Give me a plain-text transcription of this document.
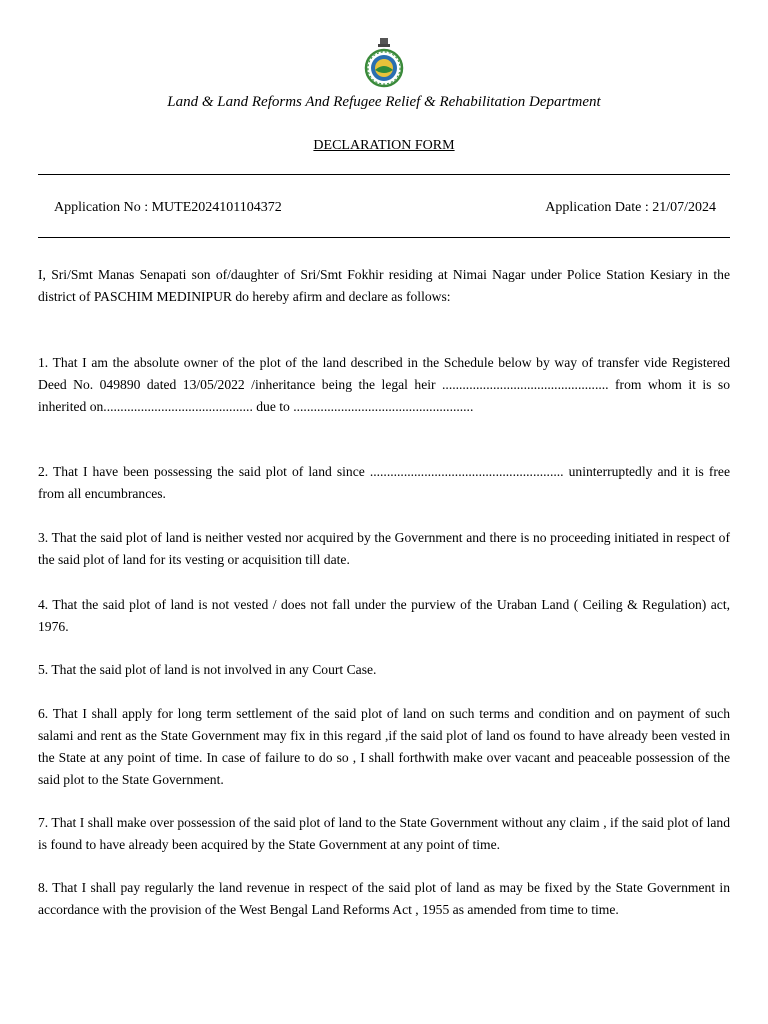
Land & Land Reforms And Refugee Relief & Rehabilitation Department
DECLARATION FORM
Application No : MUTE2024101104372	Application Date : 21/07/2024
I, Sri/Smt Manas Senapati son of/daughter of Sri/Smt Fokhir residing at Nimai Nagar under Police Station Kesiary in the district of PASCHIM MEDINIPUR do hereby afirm and declare as follows:
1. That I am the absolute owner of the plot of the land described in the Schedule below by way of transfer vide Registered Deed No. 049890 dated 13/05/2022 /inheritance being the legal heir ................................................. from whom it is so inherited on............................................ due to .....................................................
2. That I have been possessing the said plot of land since ......................................................... uninterruptedly and it is free from all encumbrances.
3. That the said plot of land is neither vested nor acquired by the Government and there is no proceeding initiated in respect of the said plot of land for its vesting or acquisition till date.
4. That the said plot of land is not vested / does not fall under the purview of the Uraban Land ( Ceiling & Regulation) act, 1976.
5. That the said plot of land is not involved in any Court Case.
6. That I shall apply for long term settlement of the said plot of land on such terms and condition and on payment of such salami and rent as the State Government may fix in this regard ,if the said plot of land os found to have already been vested in the State at any point of time. In case of failure to do so , I shall forthwith make over vacant and peaceable possession of the said plot to the State Government.
7. That I shall make over possession of the said plot of land to the State Government without any claim , if the said plot of land is found to have already been acquired by the State Government at any point of time.
8. That I shall pay regularly the land revenue in respect of the said plot of land as may be fixed by the State Government in accordance with the provision of the West Bengal Land Reforms Act , 1955 as amended from time to time.
